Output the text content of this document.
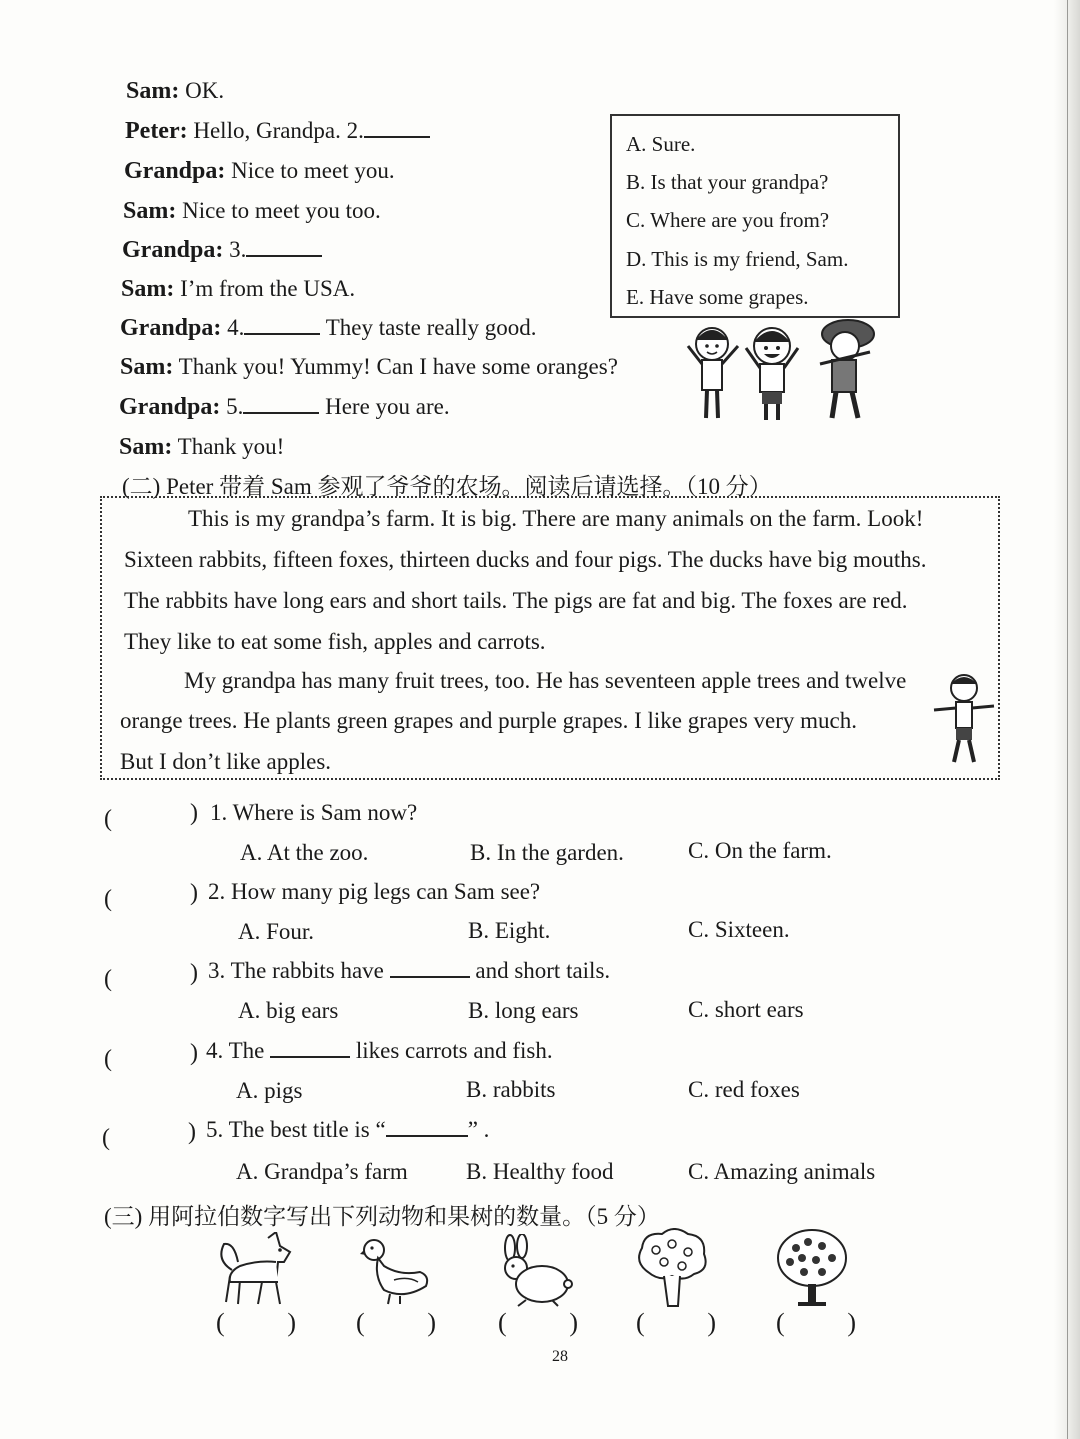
Sam: OK.
Peter: Hello, Grandpa. 2.
Grandpa: Nice to meet you.
Sam: Nice to meet you too.
Grandpa: 3.
Sam: I’m from the USA.
Grandpa: 4.	They taste really good.
Sam: Thank you! Yummy! Can I have some oranges?
Grandpa: 5.	Here you are.
Sam: Thank you!
A. Sure.
B. Is that your grandpa?
C. Where are you from?
D. This is my friend, Sam.
E. Have some grapes.
(二) Peter 带着 Sam 参观了爷爷的农场。阅读后请选择。（10 分）
This is my grandpa’s farm. It is big. There are many animals on the farm. Look!
Sixteen rabbits, fifteen foxes, thirteen ducks and four pigs. The ducks have big mouths.
The rabbits have long ears and short tails. The pigs are fat and big. The foxes are red.
They like to eat some fish, apples and carrots.
My grandpa has many fruit trees, too. He has seventeen apple trees and twelve
orange trees. He plants green grapes and purple grapes. I like grapes very much.
But I don’t like apples.
(	) 1. Where is Sam now?
A. At the zoo.	B. In the garden.	C. On the farm.
(	) 2. How many pig legs can Sam see?
A. Four.	B. Eight.	C. Sixteen.
(	) 3. The rabbits have	and short tails.
A. big ears	B. long ears	C. short ears
(	) 4. The	likes carrots and fish.
A. pigs	B. rabbits	C. red foxes
(	) 5. The best title is “	” .
A. Grandpa’s farm	B. Healthy food	C. Amazing animals
(三) 用阿拉伯数字写出下列动物和果树的数量。（5 分）
( ) ( ) ( ) ( ) ( )
28
